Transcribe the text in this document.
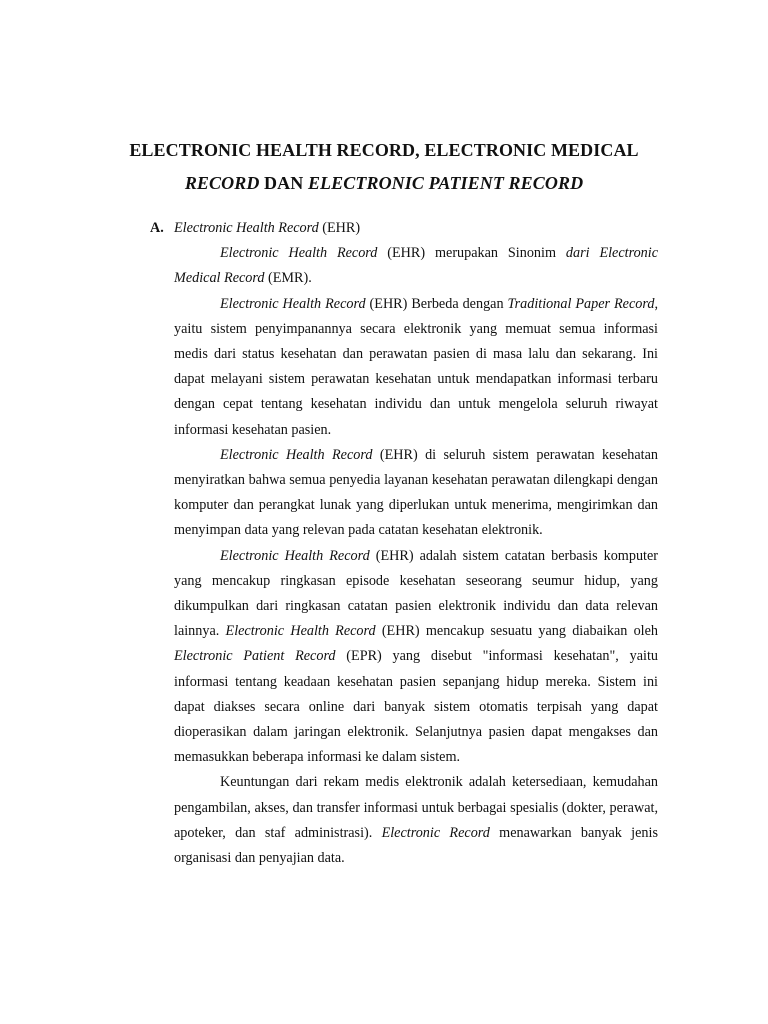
ELECTRONIC HEALTH RECORD, ELECTRONIC MEDICAL
RECORD DAN ELECTRONIC PATIENT RECORD
A. Electronic Health Record (EHR)

Electronic Health Record (EHR) merupakan Sinonim dari Electronic Medical Record (EMR).

Electronic Health Record (EHR) Berbeda dengan Traditional Paper Record, yaitu sistem penyimpanannya secara elektronik yang memuat semua informasi medis dari status kesehatan dan perawatan pasien di masa lalu dan sekarang. Ini dapat melayani sistem perawatan kesehatan untuk mendapatkan informasi terbaru dengan cepat tentang kesehatan individu dan untuk mengelola seluruh riwayat informasi kesehatan pasien.

Electronic Health Record (EHR) di seluruh sistem perawatan kesehatan menyiratkan bahwa semua penyedia layanan kesehatan perawatan dilengkapi dengan komputer dan perangkat lunak yang diperlukan untuk menerima, mengirimkan dan menyimpan data yang relevan pada catatan kesehatan elektronik.

Electronic Health Record (EHR) adalah sistem catatan berbasis komputer yang mencakup ringkasan episode kesehatan seseorang seumur hidup, yang dikumpulkan dari ringkasan catatan pasien elektronik individu dan data relevan lainnya. Electronic Health Record (EHR) mencakup sesuatu yang diabaikan oleh Electronic Patient Record (EPR) yang disebut "informasi kesehatan", yaitu informasi tentang keadaan kesehatan pasien sepanjang hidup mereka. Sistem ini dapat diakses secara online dari banyak sistem otomatis terpisah yang dapat dioperasikan dalam jaringan elektronik. Selanjutnya pasien dapat mengakses dan memasukkan beberapa informasi ke dalam sistem.

Keuntungan dari rekam medis elektronik adalah ketersediaan, kemudahan pengambilan, akses, dan transfer informasi untuk berbagai spesialis (dokter, perawat, apoteker, dan staf administrasi). Electronic Record menawarkan banyak jenis organisasi dan penyajian data.
